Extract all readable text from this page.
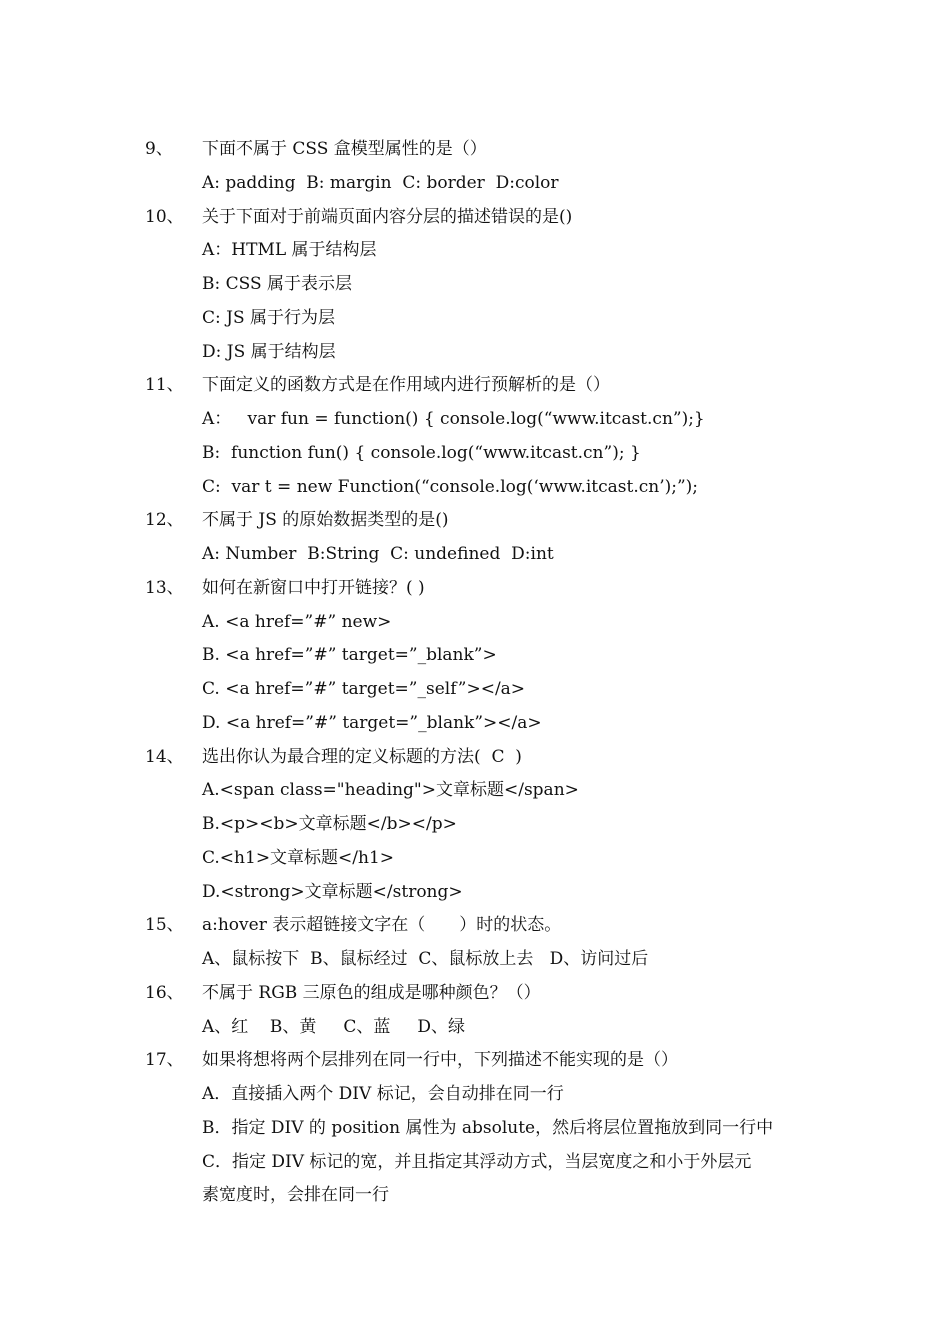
9、 下面不属于 CSS 盒模型属性的是（）
A: padding  B: margin  C: border  D:color
10、 关于下面对于前端页面内容分层的描述错误的是()
A：HTML 属于结构层
B: CSS 属于表示层
C: JS 属于行为层
D: JS 属于结构层
11、 下面定义的函数方式是在作用域内进行预解析的是（）
A：   var fun = function() { console.log(“www.itcast.cn”);}
B:  function fun() { console.log(“www.itcast.cn”); }
C:  var t = new Function(“console.log(‘www.itcast.cn’);”);
12、 不属于 JS 的原始数据类型的是()
A: Number  B:String  C: undefined  D:int
13、 如何在新窗口中打开链接？( )
A. <a href=”#” new>
B. <a href=”#” target=”_blank”>
C. <a href=”#” target=”_self”></a>
D. <a href=”#” target=”_blank”></a>
14、 选出你认为最合理的定义标题的方法(  C  )
A.<span class="heading">文章标题</span>
B.<p><b>文章标题</b></p>
C.<h1>文章标题</h1>
D.<strong>文章标题</strong>
15、 a:hover 表示超链接文字在（　　）时的状态。
A、鼠标按下  B、鼠标经过  C、鼠标放上去   D、访问过后
16、 不属于 RGB 三原色的组成是哪种颜色？（）
A、红    B、黄     C、蓝     D、绿
17、 如果将想将两个层排列在同一行中，下列描述不能实现的是（）
A．直接插入两个 DIV 标记，会自动排在同一行
B．指定 DIV 的 position 属性为 absolute，然后将层位置拖放到同一行中
C．指定 DIV 标记的宽，并且指定其浮动方式，当层宽度之和小于外层元
素宽度时，会排在同一行
